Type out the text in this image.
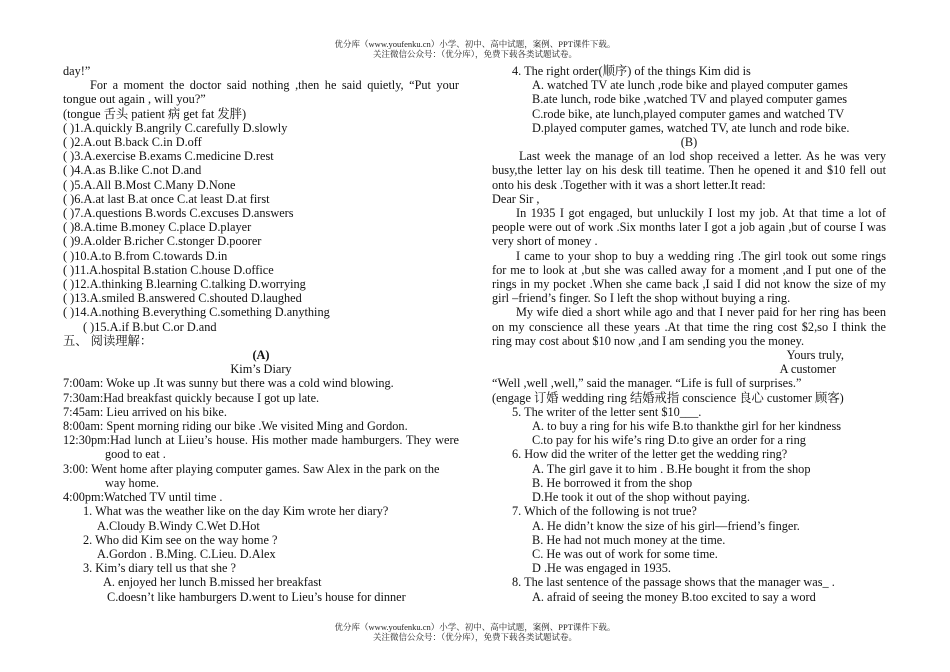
优分库（www.youfenku.cn）小学、初中、高中试题，案例、PPT课件下载。
关注微信公众号：（优分库），免费下载各类试题试卷。
day!”
For a moment the doctor said nothing ,then he said quietly, “Put your tongue out again , will you?”
(tongue 舌头 patient 病 get fat 发胖)
( )1.A.quickly B.angrily C.carefully D.slowly
( )2.A.out B.back C.in D.off
( )3.A.exercise B.exams C.medicine D.rest
( )4.A.as B.like C.not D.and
( )5.A.All B.Most C.Many D.None
( )6.A.at last B.at once C.at least D.at first
( )7.A.questions B.words C.excuses D.answers
( )8.A.time B.money C.place D.player
( )9.A.older B.richer C.stonger D.poorer
( )10.A.to B.from C.towards D.in
( )11.A.hospital B.station C.house D.office
( )12.A.thinking B.learning C.talking D.worrying
( )13.A.smiled B.answered C.shouted D.laughed
( )14.A.nothing B.everything C.something D.anything
( )15.A.if B.but C.or D.and
五、 阅读理解：
(A)
Kim’s Diary
7:00am: Woke up .It was sunny but there was a cold wind blowing.
7:30am:Had breakfast quickly because I got up late.
7:45am: Lieu arrived on his bike.
8:00am: Spent morning riding our bike .We visited Ming and Gordon.
12:30pm:Had lunch at Liieu’s house. His mother made hamburgers. They were good to eat .
3:00: Went home after playing computer games. Saw Alex in the park on the way home.
4:00pm:Watched TV until time .
1. What was the weather like on the day Kim wrote her diary?
A.Cloudy B.Windy C.Wet D.Hot
2. Who did Kim see on the way home ?
A.Gordon . B.Ming. C.Lieu. D.Alex
3. Kim’s diary tell us that she ?
A. enjoyed her lunch B.missed her breakfast
C.doesn’t like hamburgers D.went to Lieu’s house for dinner
4. The right order(顺序) of the things Kim did is
A. watched TV ate lunch ,rode bike and played computer games
B.ate lunch, rode bike ,watched TV and played computer games
C.rode bike, ate lunch,played computer games and watched TV
D.played computer games, watched TV, ate lunch and rode bike.
(B)
Last week the manage of an lod shop received a letter. As he was very busy,the letter lay on his desk till teatime. Then he opened it and $10 fell out onto his desk .Together with it was a short letter.It read:
Dear Sir ,
In 1935 I got engaged, but unluckily I lost my job. At that time a lot of people were out of work .Six months later I got a job again ,but of course I was very short of money .
I came to your shop to buy a wedding ring .The girl took out some rings for me to look at ,but she was called away for a moment ,and I put one of the rings in my pocket .When she came back ,I said I did not know the size of my girl –friend’s finger. So I left the shop without buying a ring.
My wife died a short while ago and that I never paid for her ring has been on my conscience all these years .At that time the ring cost $2,so I think the ring may cost about $10 now ,and I am sending you the money.
Yours truly,
A customer
“Well ,well ,well,” said the manager. “Life is full of surprises.”
(engage 订婚 wedding ring 结婚戒指 conscience 良心 customer 顾客)
5. The writer of the letter sent $10___.
A. to buy a ring for his wife B.to thankthe girl for her kindness
C.to pay for his wife’s ring D.to give an order for a ring
6. How did the writer of the letter get the wedding ring?
A. The girl gave it to him . B.He bought it from the shop
B. He borrowed it from the shop
D.He took it out of the shop without paying.
7. Which of the following is not true?
A. He didn’t know the size of his girl—friend’s finger.
B. He had not much money at the time.
C. He was out of work for some time.
D .He was engaged in 1935.
8. The last sentence of the passage shows that the manager was_ .
A. afraid of seeing the money B.too excited to say a word
优分库（www.youfenku.cn）小学、初中、高中试题，案例、PPT课件下载。
关注微信公众号：（优分库），免费下载各类试题试卷。
